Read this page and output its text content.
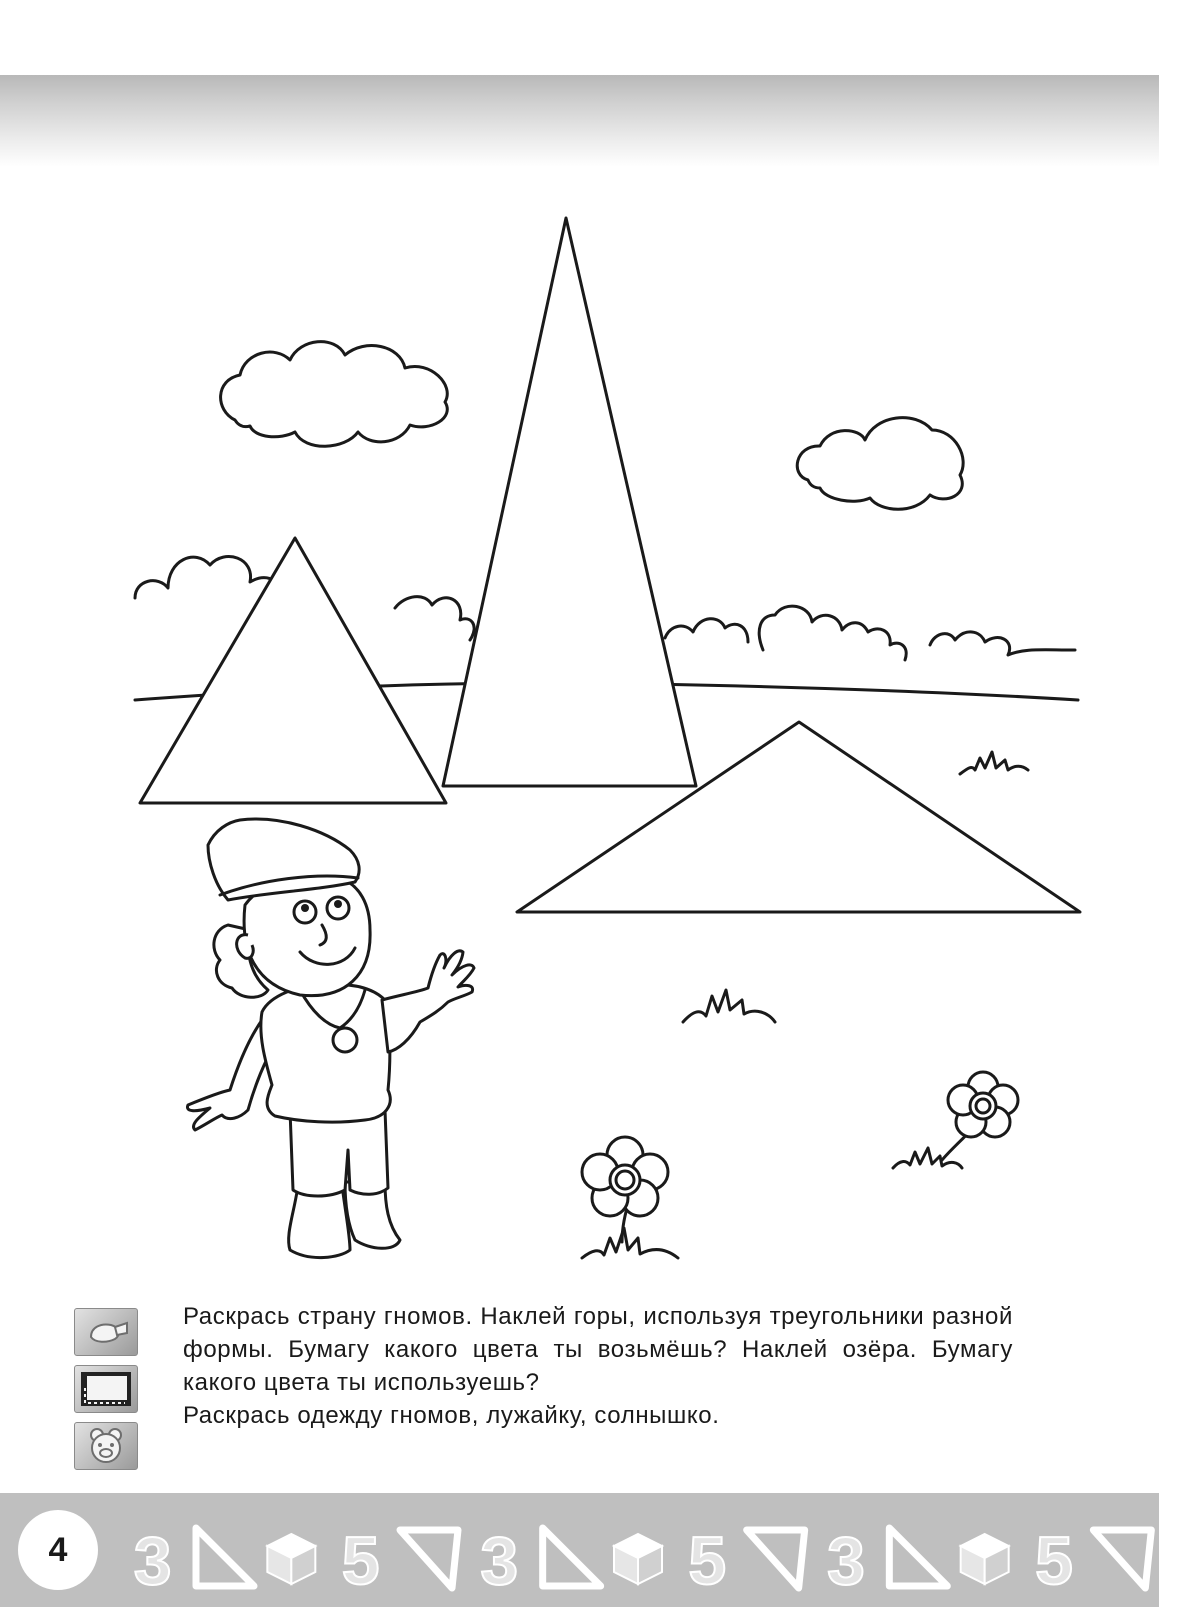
Раскрась страну гномов. Наклей горы, используя треугольники разной формы. Бумагу какого цвета ты возьмёшь? Наклей озёра. Бумагу какого цвета ты используешь?

Раскрась одежду гномов, лужайку, солнышко.

4 3	5 3	5 3	5
